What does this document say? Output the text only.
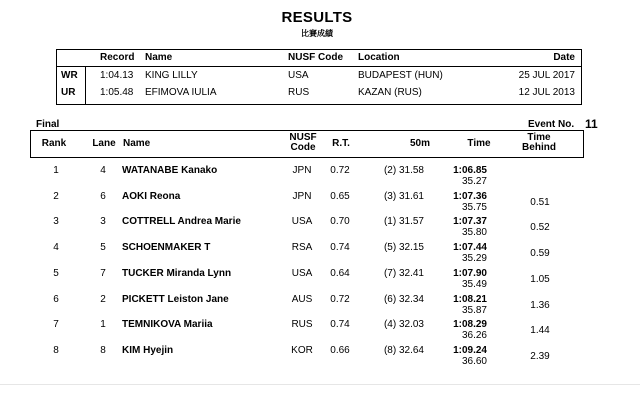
RESULTS
比賽成績
Record Name	NUSF Code Location	Date
WR 1:04.13 KING LILLY	USA	BUDAPEST (HUN)	25 JUL 2017
UR 1:05.48 EFIMOVA IULIA	RUS	KAZAN (RUS)	12 JUL 2013
Final	Event No. 11
Rank	Lane Name
NUSF
Code	R.T.	50m	Time
Time
Behind
1	4	WATANABE Kanako	JPN	0.72	(2) 31.58	1:06.85
35.27
2	6	AOKI Reona	JPN	0.65	(3) 31.61	1:07.36
35.75	0.51
3	3	COTTRELL Andrea Marie	USA	0.70	(1) 31.57	1:07.37
35.80	0.52
4	5	SCHOENMAKER T	RSA	0.74	(5) 32.15	1:07.44
35.29	0.59
5	7	TUCKER Miranda Lynn	USA	0.64	(7) 32.41	1:07.90
35.49	1.05
6	2	PICKETT Leiston Jane	AUS	0.72	(6) 32.34	1:08.21
35.87	1.36
7	1	TEMNIKOVA Mariia	RUS	0.74	(4) 32.03	1:08.29
36.26	1.44
8	8	KIM Hyejin	KOR	0.66	(8) 32.64	1:09.24
36.60	2.39
